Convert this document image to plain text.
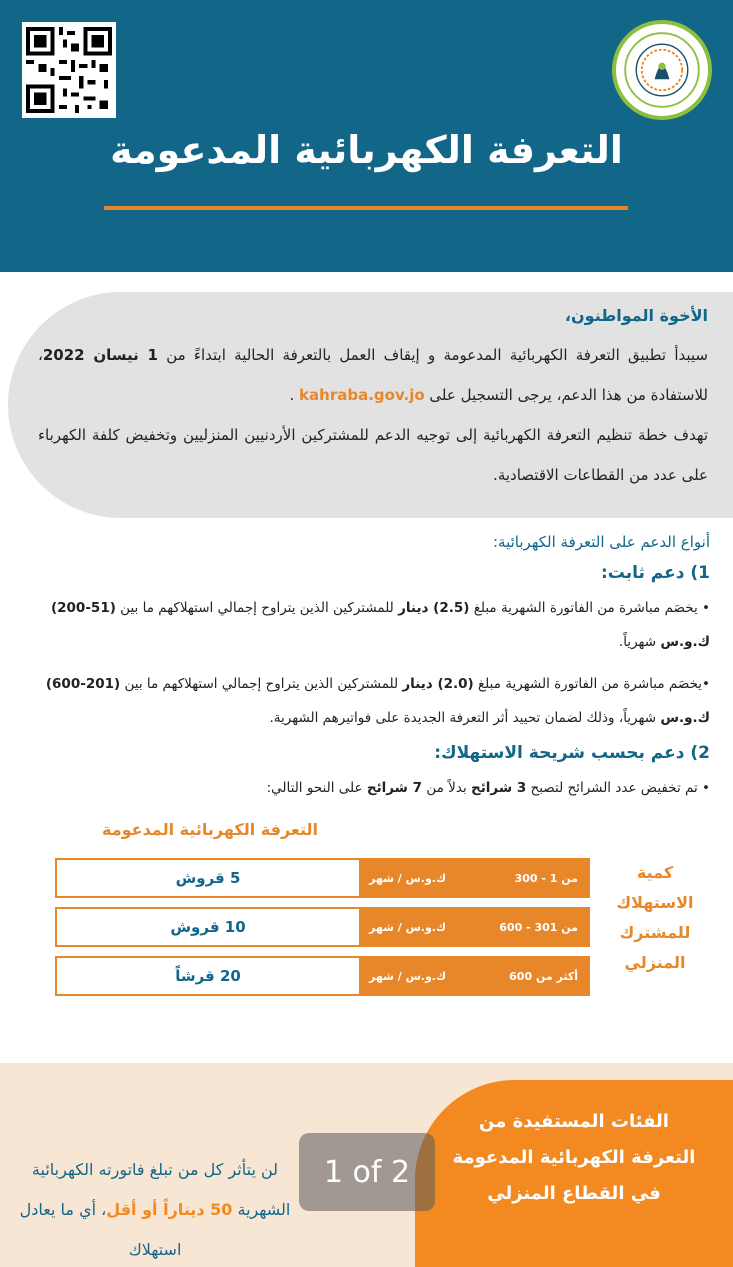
التعرفة الكهربائية المدعومة
الأخوة المواطنون،

سيبدأ تطبيق التعرفة الكهربائية المدعومة و إيقاف العمل بالتعرفة الحالية ابتداءً من 1 نيسان 2022، للاستفادة من هذا الدعم، يرجى التسجيل على kahraba.gov.jo .

تهدف خطة تنظيم التعرفة الكهربائية إلى توجيه الدعم للمشتركين الأردنيين المنزليين وتخفيض كلفة الكهرباء على عدد من القطاعات الاقتصادية.

أنواع الدعم على التعرفة الكهربائية:
1) دعم ثابت:
• يخصَم مباشرة من الفاتورة الشهرية مبلغ (2.5) دينار للمشتركين الذين يتراوح إجمالي استهلاكهم ما بين (51-200) ك.و.س شهرياً.
•يخصَم مباشرة من الفاتورة الشهرية مبلغ (2.0) دينار للمشتركين الذين يتراوح إجمالي استهلاكهم ما بين (201-600) ك.و.س شهرياً، وذلك لضمان تحييد أثر التعرفة الجديدة على فواتيرهم الشهرية.
2) دعم بحسب شريحة الاستهلاك:
• تم تخفيض عدد الشرائح لتصبح 3 شرائح بدلاً من 7 شرائح على النحو التالي:
التعرفة الكهربائية المدعومة
كمية
الاستهلاك
للمشترك
المنزلي
من 1 - 300
ك.و.س / شهر
5 قروش
من 301 - 600
ك.و.س / شهر
10 قروش
أكثر من 600
ك.و.س / شهر
20 قرشاً
الفئات المستفيدة من
التعرفة الكهربائية المدعومة
في القطاع المنزلي
لن يتأثر كل من تبلغ فاتورته الكهربائية الشهرية 50 ديناراً أو أقل، أي ما يعادل استهلاك
1 of 2
